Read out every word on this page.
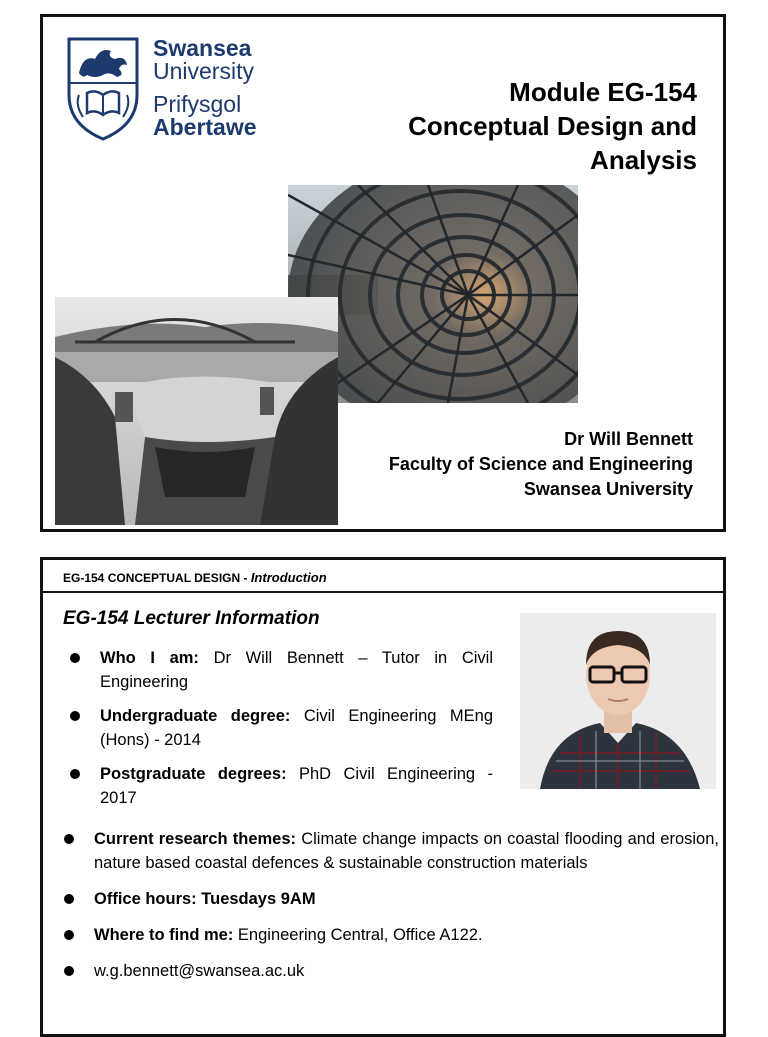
Swansea
University
Prifysgol
Abertawe
Module EG-154
Conceptual Design and
Analysis
Dr Will Bennett
Faculty of Science and Engineering
Swansea University
EG-154 CONCEPTUAL DESIGN - Introduction
EG-154 Lecturer Information
Who I am: Dr Will Bennett – Tutor in Civil Engineering
Undergraduate degree: Civil Engineering MEng (Hons) - 2014
Postgraduate degrees: PhD Civil Engineering - 2017
Current research themes: Climate change impacts on coastal flooding and erosion, nature based coastal defences & sustainable construction materials
Office hours: Tuesdays 9AM
Where to find me: Engineering Central, Office A122.
w.g.bennett@swansea.ac.uk
